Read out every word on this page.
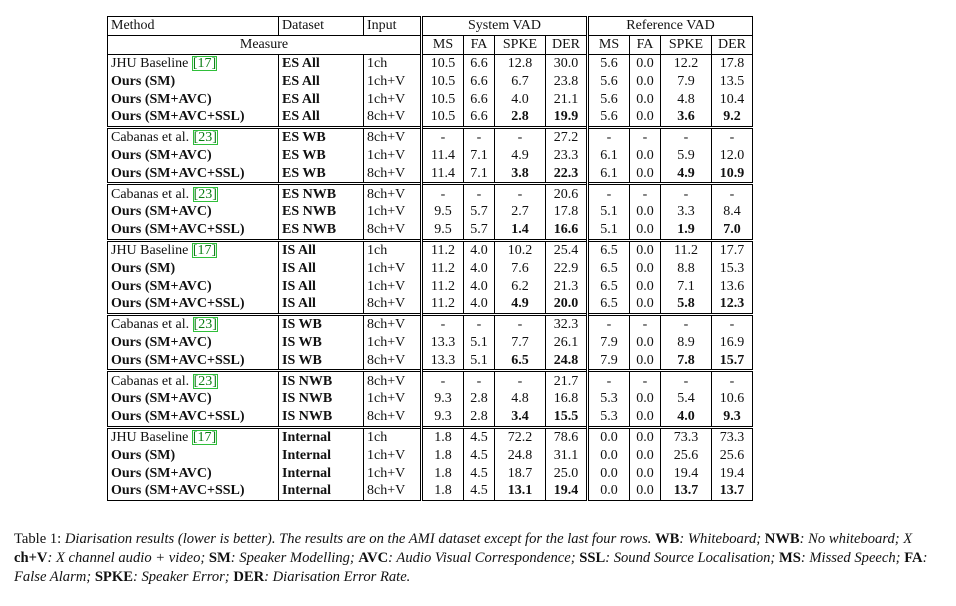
Method	Dataset	Input	System VAD				Reference VAD			
Measure			MS	FA	SPKE	DER	MS	FA	SPKE	DER
JHU Baseline [17]	ES All	1ch	10.5	6.6	12.8	30.0	5.6	0.0	12.2	17.8
Ours (SM)	ES All	1ch+V	10.5	6.6	6.7	23.8	5.6	0.0	7.9	13.5
Ours (SM+AVC)	ES All	1ch+V	10.5	6.6	4.0	21.1	5.6	0.0	4.8	10.4
Ours (SM+AVC+SSL)	ES All	8ch+V	10.5	6.6	2.8	19.9	5.6	0.0	3.6	9.2
Cabanas et al. [23]	ES WB	8ch+V	-	-	-	27.2	-	-	-	-
Ours (SM+AVC)	ES WB	1ch+V	11.4	7.1	4.9	23.3	6.1	0.0	5.9	12.0
Ours (SM+AVC+SSL)	ES WB	8ch+V	11.4	7.1	3.8	22.3	6.1	0.0	4.9	10.9
Cabanas et al. [23]	ES NWB	8ch+V	-	-	-	20.6	-	-	-	-
Ours (SM+AVC)	ES NWB	1ch+V	9.5	5.7	2.7	17.8	5.1	0.0	3.3	8.4
Ours (SM+AVC+SSL)	ES NWB	8ch+V	9.5	5.7	1.4	16.6	5.1	0.0	1.9	7.0
JHU Baseline [17]	IS All	1ch	11.2	4.0	10.2	25.4	6.5	0.0	11.2	17.7
Ours (SM)	IS All	1ch+V	11.2	4.0	7.6	22.9	6.5	0.0	8.8	15.3
Ours (SM+AVC)	IS All	1ch+V	11.2	4.0	6.2	21.3	6.5	0.0	7.1	13.6
Ours (SM+AVC+SSL)	IS All	8ch+V	11.2	4.0	4.9	20.0	6.5	0.0	5.8	12.3
Cabanas et al. [23]	IS WB	8ch+V	-	-	-	32.3	-	-	-	-
Ours (SM+AVC)	IS WB	1ch+V	13.3	5.1	7.7	26.1	7.9	0.0	8.9	16.9
Ours (SM+AVC+SSL)	IS WB	8ch+V	13.3	5.1	6.5	24.8	7.9	0.0	7.8	15.7
Cabanas et al. [23]	IS NWB	8ch+V	-	-	-	21.7	-	-	-	-
Ours (SM+AVC)	IS NWB	1ch+V	9.3	2.8	4.8	16.8	5.3	0.0	5.4	10.6
Ours (SM+AVC+SSL)	IS NWB	8ch+V	9.3	2.8	3.4	15.5	5.3	0.0	4.0	9.3
JHU Baseline [17]	Internal	1ch	1.8	4.5	72.2	78.6	0.0	0.0	73.3	73.3
Ours (SM)	Internal	1ch+V	1.8	4.5	24.8	31.1	0.0	0.0	25.6	25.6
Ours (SM+AVC)	Internal	1ch+V	1.8	4.5	18.7	25.0	0.0	0.0	19.4	19.4
Ours (SM+AVC+SSL)	Internal	8ch+V	1.8	4.5	13.1	19.4	0.0	0.0	13.7	13.7
Table 1: Diarisation results (lower is better). The results are on the AMI dataset except for the last four rows. WB: Whiteboard; NWB: No whiteboard; X ch+V: X channel audio + video; SM: Speaker Modelling; AVC: Audio Visual Correspondence; SSL: Sound Source Localisation; MS: Missed Speech; FA: False Alarm; SPKE: Speaker Error; DER: Diarisation Error Rate.
